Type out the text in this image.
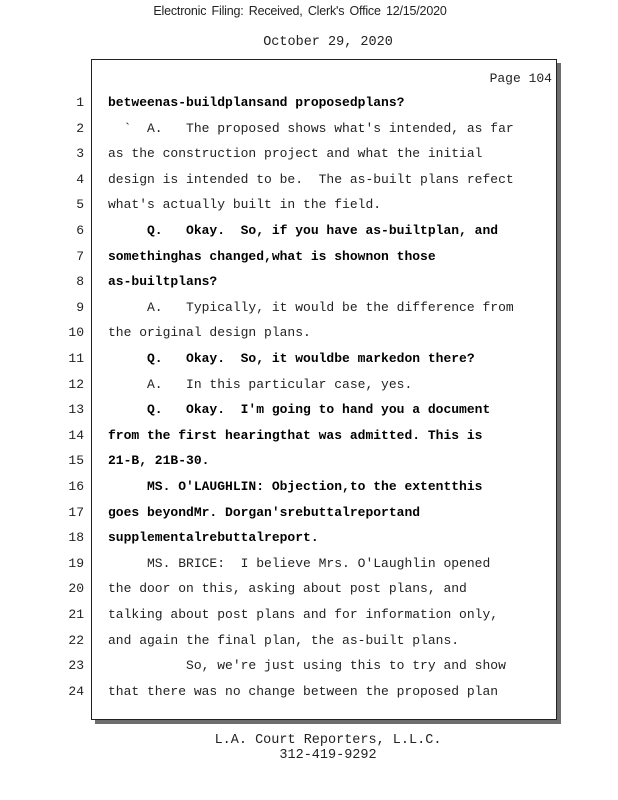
Electronic Filing: Received, Clerk's Office 12/15/2020
October 29, 2020
Page 104
1 betweenas-buildplansand proposedplans?
2 `  A.   The proposed shows what's intended, as far
3 as the construction project and what the initial
4 design is intended to be.  The as-built plans refect
5 what's actually built in the field.
6 Q.   Okay.  So, if you have as-builtplan, and
7 somethinghas changed,what is shownon those
8 as-builtplans?
9 A.   Typically, it would be the difference from
10 the original design plans.
11 Q.   Okay.  So, it wouldbe markedon there?
12 A.   In this particular case, yes.
13 Q.   Okay.  I'm going to hand you a document
14 from the first hearingthat was admitted. This is
15 21-B, 21B-30.
16 MS. O'LAUGHLIN: Objection,to the extentthis
17 goes beyondMr. Dorgan'srebuttalreportand
18 supplementalrebuttalreport.
19 MS. BRICE:  I believe Mrs. O'Laughlin opened
20 the door on this, asking about post plans, and
21 talking about post plans and for information only,
22 and again the final plan, the as-built plans.
23 So, we're just using this to try and show
24 that there was no change between the proposed plan
L.A. Court Reporters, L.L.C.
312-419-9292
